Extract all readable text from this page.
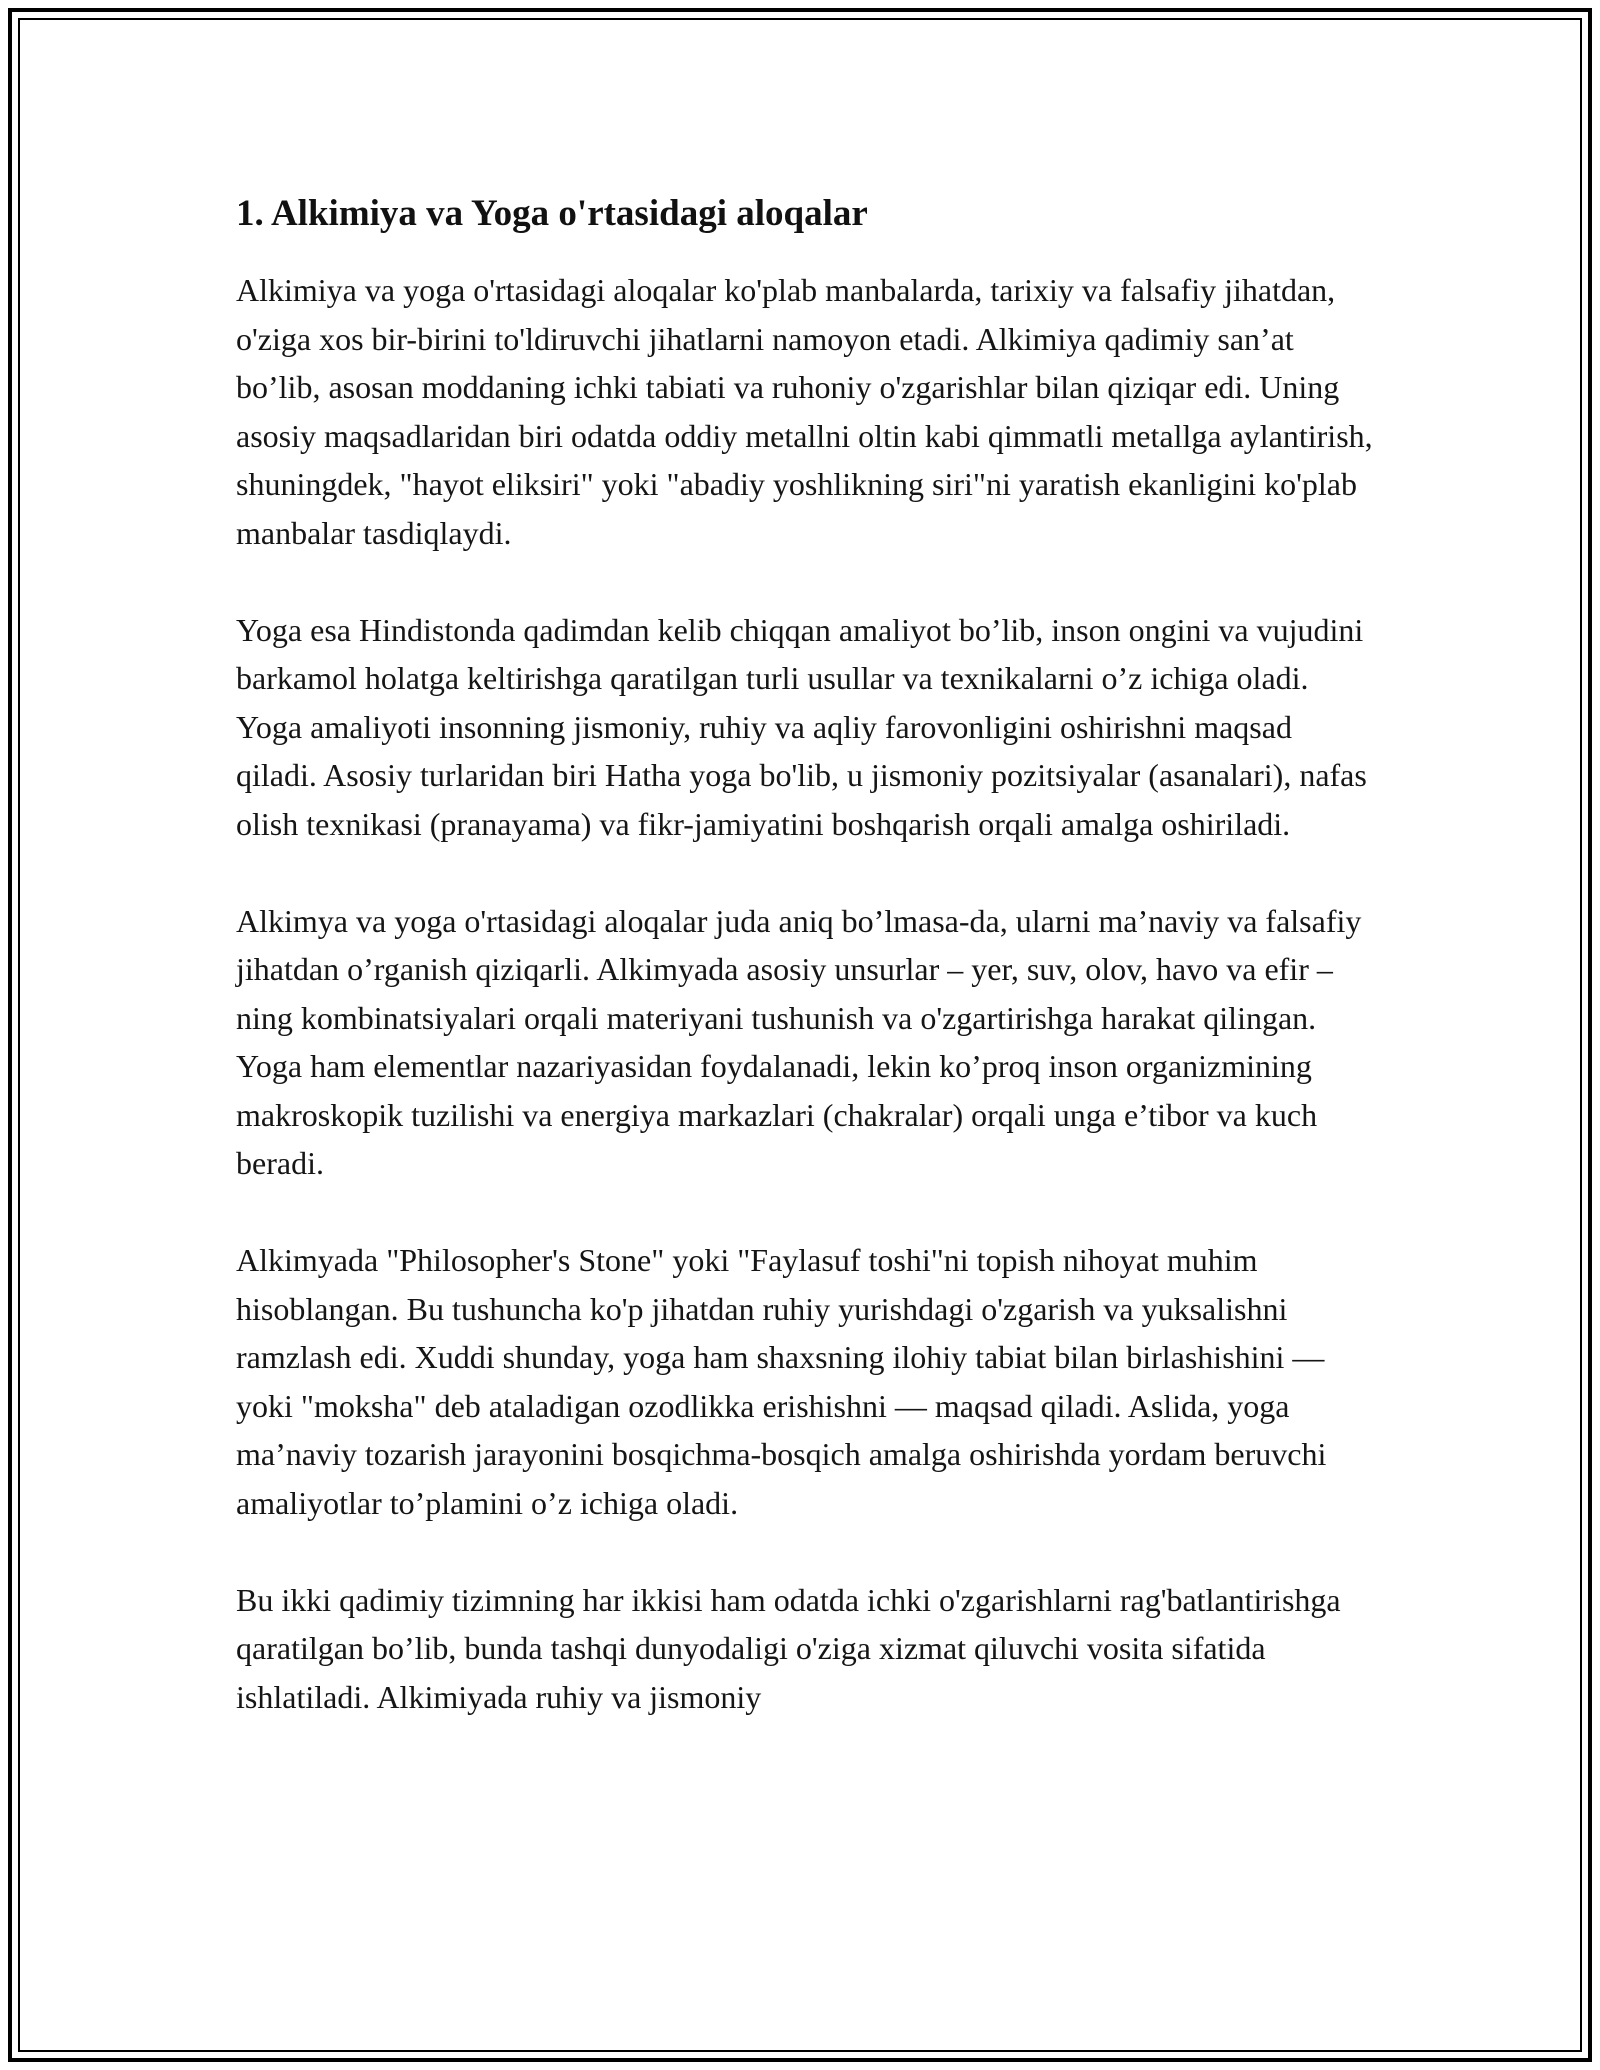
1. Alkimiya va Yoga o'rtasidagi aloqalar

Alkimiya va yoga o'rtasidagi aloqalar ko'plab manbalarda, tarixiy va falsafiy jihatdan, o'ziga xos bir-birini to'ldiruvchi jihatlarni namoyon etadi. Alkimiya qadimiy san’at bo’lib, asosan moddaning ichki tabiati va ruhoniy o'zgarishlar bilan qiziqar edi. Uning asosiy maqsadlaridan biri odatda oddiy metallni oltin kabi qimmatli metallga aylantirish, shuningdek, "hayot eliksiri" yoki "abadiy yoshlikning siri"ni yaratish ekanligini ko'plab manbalar tasdiqlaydi.

Yoga esa Hindistonda qadimdan kelib chiqqan amaliyot bo’lib, inson ongini va vujudini barkamol holatga keltirishga qaratilgan turli usullar va texnikalarni o’z ichiga oladi. Yoga amaliyoti insonning jismoniy, ruhiy va aqliy farovonligini oshirishni maqsad qiladi. Asosiy turlaridan biri Hatha yoga bo'lib, u jismoniy pozitsiyalar (asanalari), nafas olish texnikasi (pranayama) va fikr-jamiyatini boshqarish orqali amalga oshiriladi.

Alkimya va yoga o'rtasidagi aloqalar juda aniq bo’lmasa-da, ularni ma’naviy va falsafiy jihatdan o’rganish qiziqarli. Alkimyada asosiy unsurlar – yer, suv, olov, havo va efir –ning kombinatsiyalari orqali materiyani tushunish va o'zgartirishga harakat qilingan. Yoga ham elementlar nazariyasidan foydalanadi, lekin ko’proq inson organizmining makroskopik tuzilishi va energiya markazlari (chakralar) orqali unga e’tibor va kuch beradi.

Alkimyada "Philosopher's Stone" yoki "Faylasuf toshi"ni topish nihoyat muhim hisoblangan. Bu tushuncha ko'p jihatdan ruhiy yurishdagi o'zgarish va yuksalishni ramzlash edi. Xuddi shunday, yoga ham shaxsning ilohiy tabiat bilan birlashishini — yoki "moksha" deb ataladigan ozodlikka erishishni — maqsad qiladi. Aslida, yoga ma’naviy tozarish jarayonini bosqichma-bosqich amalga oshirishda yordam beruvchi amaliyotlar to’plamini o’z ichiga oladi.

Bu ikki qadimiy tizimning har ikkisi ham odatda ichki o'zgarishlarni rag'batlantirishga qaratilgan bo’lib, bunda tashqi dunyodaligi o'ziga xizmat qiluvchi vosita sifatida ishlatiladi. Alkimiyada ruhiy va jismoniy
